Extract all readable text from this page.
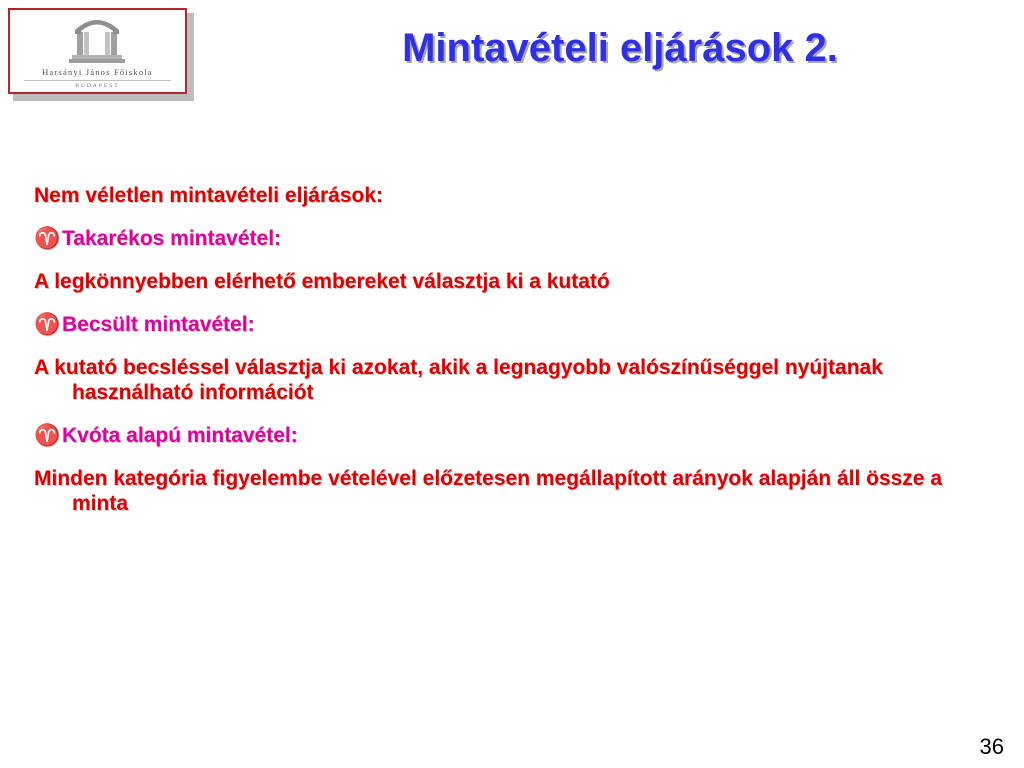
Harsányi János Főiskola
BUDAPEST
Mintavételi eljárások 2.
Nem véletlen mintavételi eljárások:
♈Takarékos mintavétel:
A legkönnyebben elérhető embereket választja ki a kutató
♈Becsült mintavétel:
A kutató becsléssel választja ki azokat, akik a legnagyobb valószínűséggel nyújtanak használható információt
♈Kvóta alapú mintavétel:
Minden kategória figyelembe vételével előzetesen megállapított arányok alapján áll össze a minta
36
